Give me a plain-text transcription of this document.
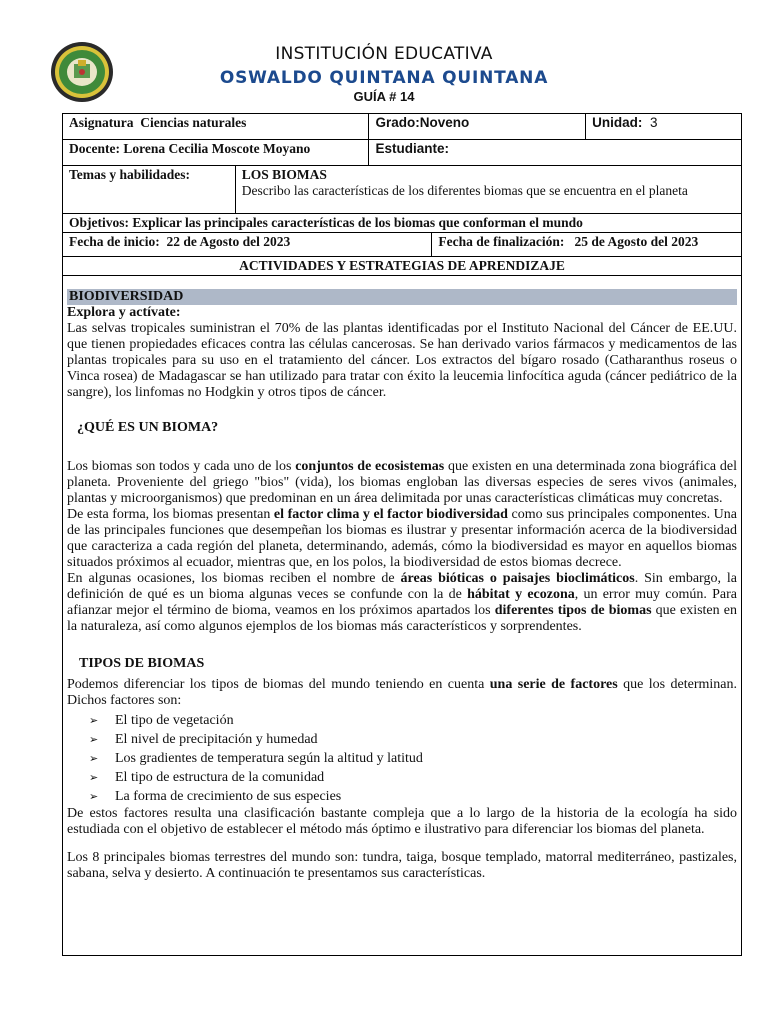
INSTITUCIÓN EDUCATIVA
OSWALDO QUINTANA QUINTANA
GUÍA # 14
Asignatura Ciencias naturales		Grado:Noveno		Unidad: 3
Docente: Lorena Cecilia Moscote Moyano		Estudiante:		
Temas y habilidades:	LOS BIOMAS
Describo las características de los diferentes biomas que se encuentra en el planeta			

Objetivos: Explicar las principales características de los biomas que conforman el mundo				
Fecha de inicio: 22 de Agosto del 2023			Fecha de finalización: 25 de Agosto del 2023	
ACTIVIDADES Y ESTRATEGIAS DE APRENDIZAJE				
BIODIVERSIDAD
Explora y actívate:

Las selvas tropicales suministran el 70% de las plantas identificadas por el Instituto Nacional del Cáncer de EE.UU. que tienen propiedades eficaces contra las células cancerosas. Se han derivado varios fármacos y medicamentos de las plantas tropicales para su uso en el tratamiento del cáncer. Los extractos del bígaro rosado (Catharanthus roseus o Vinca rosea) de Madagascar se han utilizado para tratar con éxito la leucemia linfocítica aguda (cáncer pediátrico de la sangre), los linfomas no Hodgkin y otros tipos de cáncer.

¿QUÉ ES UN BIOMA?

Los biomas son todos y cada uno de los conjuntos de ecosistemas que existen en una determinada zona biográfica del planeta. Proveniente del griego "bios" (vida), los biomas engloban las diversas especies de seres vivos (animales, plantas y microorganismos) que predominan en un área delimitada por unas características climáticas muy concretas.

De esta forma, los biomas presentan el factor clima y el factor biodiversidad como sus principales componentes. Una de las principales funciones que desempeñan los biomas es ilustrar y presentar información acerca de la biodiversidad que caracteriza a cada región del planeta, determinando, además, cómo la biodiversidad es mayor en aquellos biomas situados próximos al ecuador, mientras que, en los polos, la biodiversidad de estos biomas decrece.

En algunas ocasiones, los biomas reciben el nombre de áreas bióticas o paisajes bioclimáticos. Sin embargo, la definición de qué es un bioma algunas veces se confunde con la de hábitat y ecozona, un error muy común. Para afianzar mejor el término de bioma, veamos en los próximos apartados los diferentes tipos de biomas que existen en la naturaleza, así como algunos ejemplos de los biomas más característicos y sorprendentes.

TIPOS DE BIOMAS

Podemos diferenciar los tipos de biomas del mundo teniendo en cuenta una serie de factores que los determinan. Dichos factores son:

➢ El tipo de vegetación
➢ El nivel de precipitación y humedad
➢ Los gradientes de temperatura según la altitud y latitud
➢ El tipo de estructura de la comunidad
➢ La forma de crecimiento de sus especies

De estos factores resulta una clasificación bastante compleja que a lo largo de la historia de la ecología ha sido estudiada con el objetivo de establecer el método más óptimo e ilustrativo para diferenciar los biomas del planeta.

Los 8 principales biomas terrestres del mundo son: tundra, taiga, bosque templado, matorral mediterráneo, pastizales, sabana, selva y desierto. A continuación te presentamos sus características.
